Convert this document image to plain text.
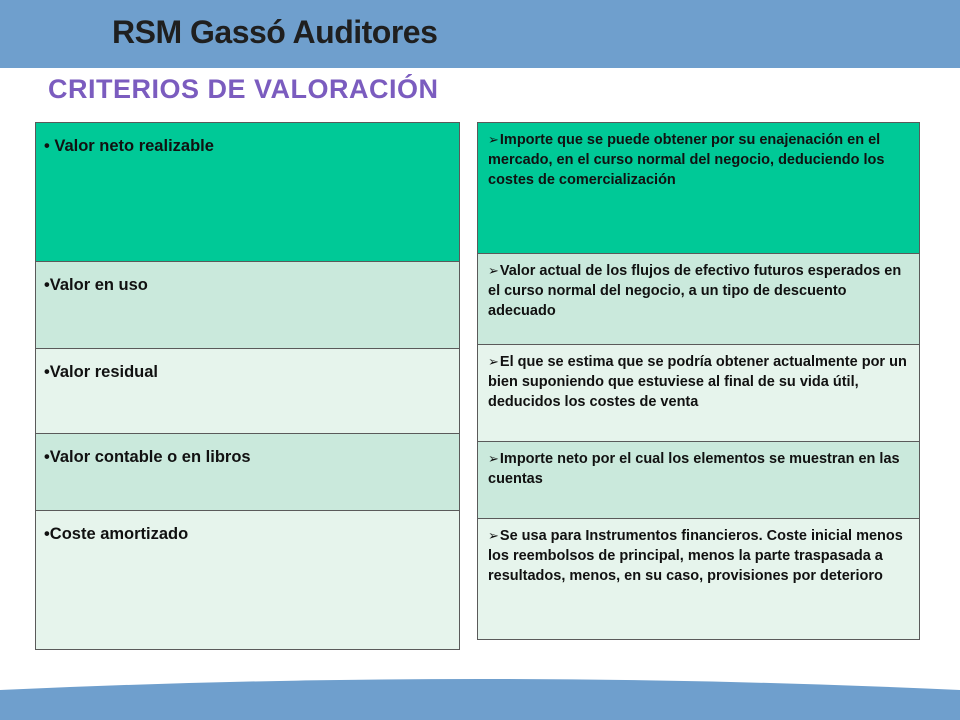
RSM Gassó Auditores
CRITERIOS DE VALORACIÓN
• Valor neto realizable
•Valor en uso
•Valor residual
•Valor contable o en libros
•Coste amortizado
➢Importe que se puede obtener por su enajenación en el mercado, en el curso normal del negocio, deduciendo los costes de comercialización
➢Valor actual de los flujos de efectivo futuros esperados en el curso normal del negocio, a un tipo de descuento adecuado
➢El que se estima que se podría obtener actualmente por un bien suponiendo que estuviese al final de su vida útil, deducidos los costes de venta
➢Importe neto por el cual los elementos se muestran en las cuentas
➢Se usa para Instrumentos financieros. Coste inicial menos los reembolsos de principal, menos la parte traspasada a resultados, menos, en su caso, provisiones por deterioro
